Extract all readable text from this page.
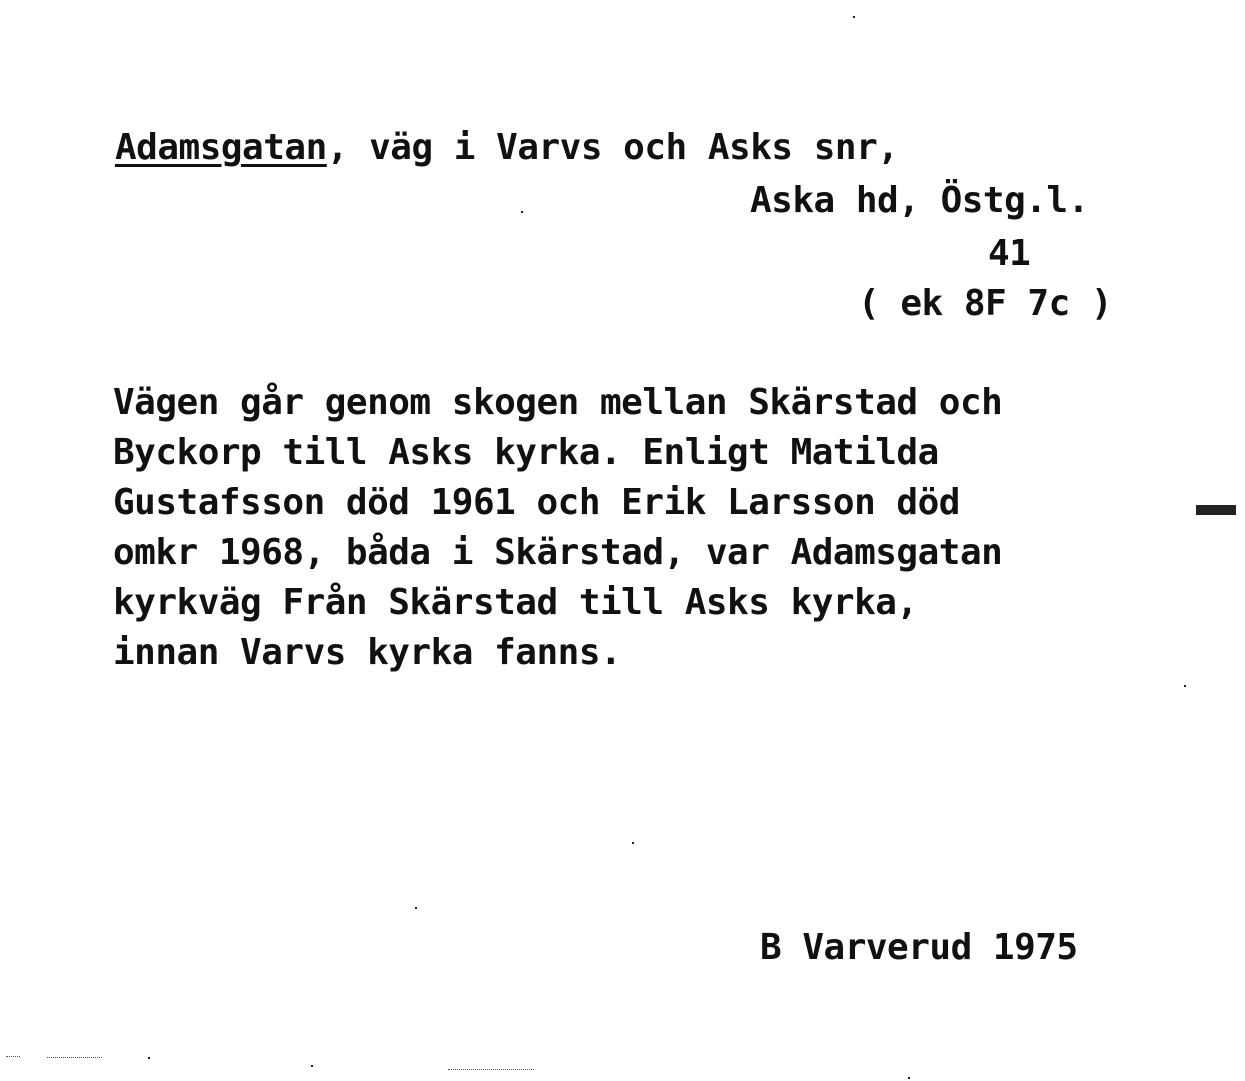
Adamsgatan, väg i Varvs och Asks snr,
Aska hd, Östg.l.
41
( ek 8F 7c )
Vägen går genom skogen mellan Skärstad och
Byckorp till Asks kyrka. Enligt Matilda
Gustafsson död 1961 och Erik Larsson död
omkr 1968, båda i Skärstad, var Adamsgatan
kyrkväg Från Skärstad till Asks kyrka,
innan Varvs kyrka fanns.
B Varverud 1975
